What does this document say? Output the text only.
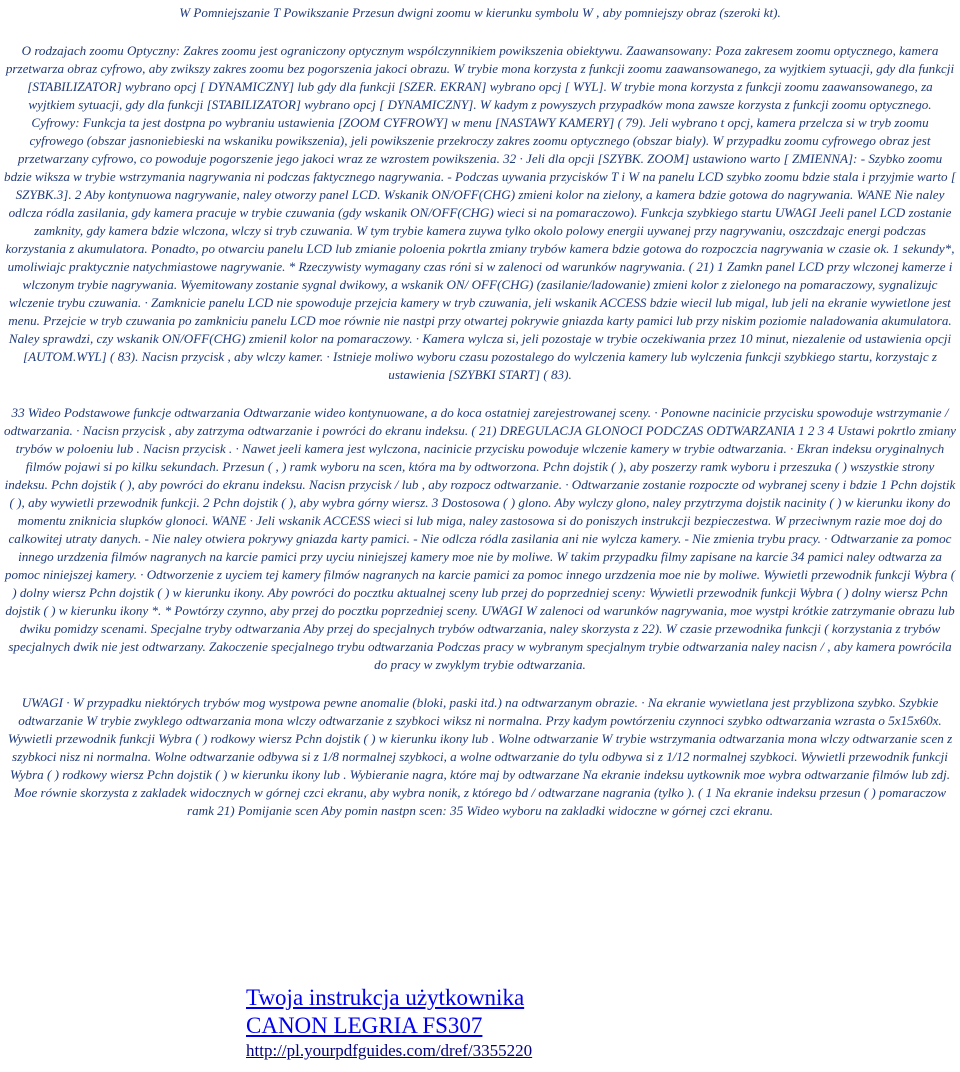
W Pomniejszanie T Powikszanie Przesun dwigni zoomu w kierunku symbolu W , aby pomniejszy obraz (szeroki kt).

O rodzajach zoomu Optyczny: Zakres zoomu jest ograniczony optycznym wspólczynnikiem powikszenia obiektywu. Zaawansowany: Poza zakresem zoomu optycznego, kamera przetwarza obraz cyfrowo, aby zwikszy zakres zoomu bez pogorszenia jakoci obrazu. W trybie mona korzysta z funkcji zoomu zaawansowanego, za wyjtkiem sytuacji, gdy dla funkcji [STABILIZATOR] wybrano opcj [ DYNAMICZNY] lub gdy dla funkcji [SZER. EKRAN] wybrano opcj [ WYL]. W trybie mona korzysta z funkcji zoomu zaawansowanego, za wyjtkiem sytuacji, gdy dla funkcji [STABILIZATOR] wybrano opcj [ DYNAMICZNY]. W kadym z powyszych przypadków mona zawsze korzysta z funkcji zoomu optycznego. Cyfrowy: Funkcja ta jest dostpna po wybraniu ustawienia [ZOOM CYFROWY] w menu [NASTAWY KAMERY] ( 79). Jeli wybrano t opcj, kamera przelcza si w tryb zoomu cyfrowego (obszar jasnoniebieski na wskaniku powikszenia), jeli powikszenie przekroczy zakres zoomu optycznego (obszar bialy). W przypadku zoomu cyfrowego obraz jest przetwarzany cyfrowo, co powoduje pogorszenie jego jakoci wraz ze wzrostem powikszenia. 32 · Jeli dla opcji [SZYBK. ZOOM] ustawiono warto [ ZMIENNA]: - Szybko zoomu bdzie wiksza w trybie wstrzymania nagrywania ni podczas faktycznego nagrywania. - Podczas uywania przycisków T i W na panelu LCD szybko zoomu bdzie stala i przyjmie warto [ SZYBK.3]. 2 Aby kontynuowa nagrywanie, naley otworzy panel LCD. Wskanik ON/OFF(CHG) zmieni kolor na zielony, a kamera bdzie gotowa do nagrywania. WANE Nie naley odlcza ródla zasilania, gdy kamera pracuje w trybie czuwania (gdy wskanik ON/OFF(CHG) wieci si na pomaraczowo). Funkcja szybkiego startu UWAGI Jeeli panel LCD zostanie zamknity, gdy kamera bdzie wlczona, wlczy si tryb czuwania. W tym trybie kamera zuywa tylko okolo polowy energii uywanej przy nagrywaniu, oszczdzajc energi podczas korzystania z akumulatora. Ponadto, po otwarciu panelu LCD lub zmianie poloenia pokrtla zmiany trybów kamera bdzie gotowa do rozpoczcia nagrywania w czasie ok. 1 sekundy*, umoliwiajc praktycznie natychmiastowe nagrywanie. * Rzeczywisty wymagany czas róni si w zalenoci od warunków nagrywania. ( 21) 1 Zamkn panel LCD przy wlczonej kamerze i wlczonym trybie nagrywania. Wyemitowany zostanie sygnal dwikowy, a wskanik ON/ OFF(CHG) (zasilanie/ladowanie) zmieni kolor z zielonego na pomaraczowy, sygnalizujc wlczenie trybu czuwania. · Zamknicie panelu LCD nie spowoduje przejcia kamery w tryb czuwania, jeli wskanik ACCESS bdzie wiecil lub migal, lub jeli na ekranie wywietlone jest menu. Przejcie w tryb czuwania po zamkniciu panelu LCD moe równie nie nastpi przy otwartej pokrywie gniazda karty pamici lub przy niskim poziomie naladowania akumulatora. Naley sprawdzi, czy wskanik ON/OFF(CHG) zmienil kolor na pomaraczowy. · Kamera wylcza si, jeli pozostaje w trybie oczekiwania przez 10 minut, niezalenie od ustawienia opcji [AUTOM.WYL] ( 83). Nacisn przycisk , aby wlczy kamer. · Istnieje moliwo wyboru czasu pozostalego do wylczenia kamery lub wylczenia funkcji szybkiego startu, korzystajc z ustawienia [SZYBKI START] ( 83).

33 Wideo Podstawowe funkcje odtwarzania Odtwarzanie wideo kontynuowane, a do koca ostatniej zarejestrowanej sceny. · Ponowne nacinicie przycisku spowoduje wstrzymanie / odtwarzania. · Nacisn przycisk , aby zatrzyma odtwarzanie i powróci do ekranu indeksu. ( 21) DREGULACJA GLONOCI PODCZAS ODTWARZANIA 1 2 3 4 Ustawi pokrtlo zmiany trybów w poloeniu lub . Nacisn przycisk . · Nawet jeeli kamera jest wylczona, nacinicie przycisku powoduje wlczenie kamery w trybie odtwarzania. · Ekran indeksu oryginalnych filmów pojawi si po kilku sekundach. Przesun ( , ) ramk wyboru na scen, która ma by odtworzona. Pchn dojstik ( ), aby poszerzy ramk wyboru i przeszuka ( ) wszystkie strony indeksu. Pchn dojstik ( ), aby powróci do ekranu indeksu. Nacisn przycisk / lub , aby rozpocz odtwarzanie. · Odtwarzanie zostanie rozpoczte od wybranej sceny i bdzie 1 Pchn dojstik ( ), aby wywietli przewodnik funkcji. 2 Pchn dojstik ( ), aby wybra górny wiersz. 3 Dostosowa ( ) glono. Aby wylczy glono, naley przytrzyma dojstik nacinity ( ) w kierunku ikony do momentu zniknicia slupków glonoci. WANE · Jeli wskanik ACCESS wieci si lub miga, naley zastosowa si do poniszych instrukcji bezpieczestwa. W przeciwnym razie moe doj do calkowitej utraty danych. - Nie naley otwiera pokrywy gniazda karty pamici. - Nie odlcza ródla zasilania ani nie wylcza kamery. - Nie zmienia trybu pracy. · Odtwarzanie za pomoc innego urzdzenia filmów nagranych na karcie pamici przy uyciu niniejszej kamery moe nie by moliwe. W takim przypadku filmy zapisane na karcie 34 pamici naley odtwarza za pomoc niniejszej kamery. · Odtworzenie z uyciem tej kamery filmów nagranych na karcie pamici za pomoc innego urzdzenia moe nie by moliwe. Wywietli przewodnik funkcji Wybra ( ) dolny wiersz Pchn dojstik ( ) w kierunku ikony. Aby powróci do pocztku aktualnej sceny lub przej do poprzedniej sceny: Wywietli przewodnik funkcji Wybra ( ) dolny wiersz Pchn dojstik ( ) w kierunku ikony *. * Powtórzy czynno, aby przej do pocztku poprzedniej sceny. UWAGI W zalenoci od warunków nagrywania, moe wystpi krótkie zatrzymanie obrazu lub dwiku pomidzy scenami. Specjalne tryby odtwarzania Aby przej do specjalnych trybów odtwarzania, naley skorzysta z 22). W czasie przewodnika funkcji ( korzystania z trybów specjalnych dwik nie jest odtwarzany. Zakoczenie specjalnego trybu odtwarzania Podczas pracy w wybranym specjalnym trybie odtwarzania naley nacisn / , aby kamera powrócila do pracy w zwyklym trybie odtwarzania.

UWAGI · W przypadku niektórych trybów mog wystpowa pewne anomalie (bloki, paski itd.) na odtwarzanym obrazie. · Na ekranie wywietlana jest przyblizona szybko. Szybkie odtwarzanie W trybie zwyklego odtwarzania mona wlczy odtwarzanie z szybkoci wiksz ni normalna. Przy kadym powtórzeniu czynnoci szybko odtwarzania wzrasta o 5x15x60x. Wywietli przewodnik funkcji Wybra ( ) rodkowy wiersz Pchn dojstik ( ) w kierunku ikony lub . Wolne odtwarzanie W trybie wstrzymania odtwarzania mona wlczy odtwarzanie scen z szybkoci nisz ni normalna. Wolne odtwarzanie odbywa si z 1/8 normalnej szybkoci, a wolne odtwarzanie do tylu odbywa si z 1/12 normalnej szybkoci. Wywietli przewodnik funkcji Wybra ( ) rodkowy wiersz Pchn dojstik ( ) w kierunku ikony lub . Wybieranie nagra, które maj by odtwarzane Na ekranie indeksu uytkownik moe wybra odtwarzanie filmów lub zdj. Moe równie skorzysta z zakladek widocznych w górnej czci ekranu, aby wybra nonik, z którego bd / odtwarzane nagrania (tylko ). ( 1 Na ekranie indeksu przesun ( ) pomaraczow ramk 21) Pomijanie scen Aby pomin nastpn scen: 35 Wideo wyboru na zakladki widoczne w górnej czci ekranu.

Twoja instrukcja użytkownika
CANON LEGRIA FS307
http://pl.yourpdfguides.com/dref/3355220
